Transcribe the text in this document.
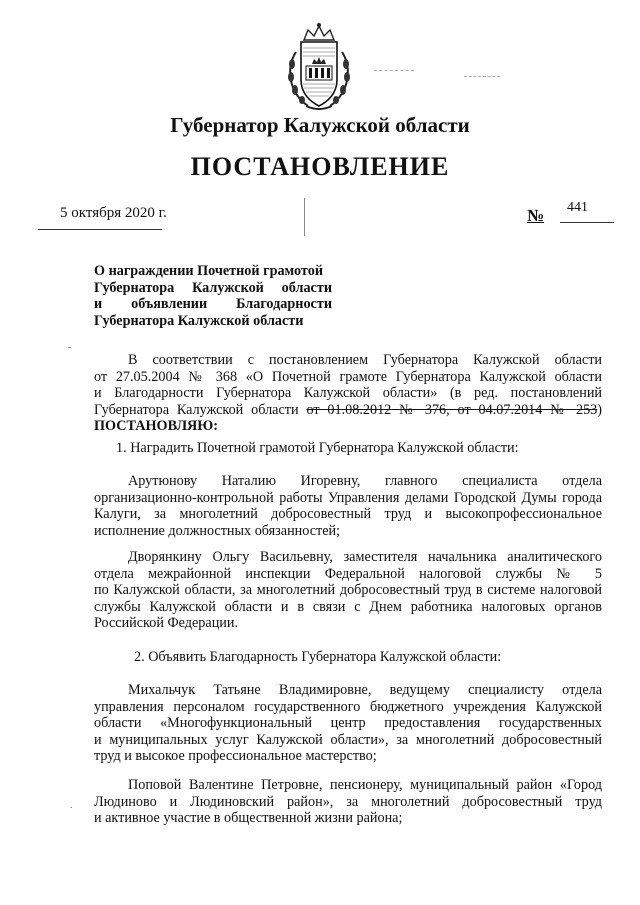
Губернатор Калужской области
ПОСТАНОВЛЕНИЕ
5 октября 2020 г.	№ 441
О награждении Почетной грамотой
Губернатора Калужской области
и объявлении Благодарности
Губернатора Калужской области
В соответствии с постановлением Губернатора Калужской области
от 27.05.2004 № 368 «О Почетной грамоте Губернатора Калужской области
и Благодарности Губернатора Калужской области» (в ред. постановлений
Губернатора Калужской области от 01.08.2012 № 376, от 04.07.2014 № 253)
ПОСТАНОВЛЯЮ:
1. Наградить Почетной грамотой Губернатора Калужской области:
Арутюнову Наталию Игоревну, главного специалиста отдела
организационно-контрольной работы Управления делами Городской Думы города
Калуги, за многолетний добросовестный труд и высокопрофессиональное
исполнение должностных обязанностей;
Дворянкину Ольгу Васильевну, заместителя начальника аналитического
отдела межрайонной инспекции Федеральной налоговой службы № 5
по Калужской области, за многолетний добросовестный труд в системе налоговой
службы Калужской области и в связи с Днем работника налоговых органов
Российской Федерации.
2. Объявить Благодарность Губернатора Калужской области:
Михальчук Татьяне Владимировне, ведущему специалисту отдела
управления персоналом государственного бюджетного учреждения Калужской
области «Многофункциональный центр предоставления государственных
и муниципальных услуг Калужской области», за многолетний добросовестный
труд и высокое профессиональное мастерство;
Поповой Валентине Петровне, пенсионеру, муниципальный район «Город
Людиново и Людиновский район», за многолетний добросовестный труд
и активное участие в общественной жизни района;
-
.
